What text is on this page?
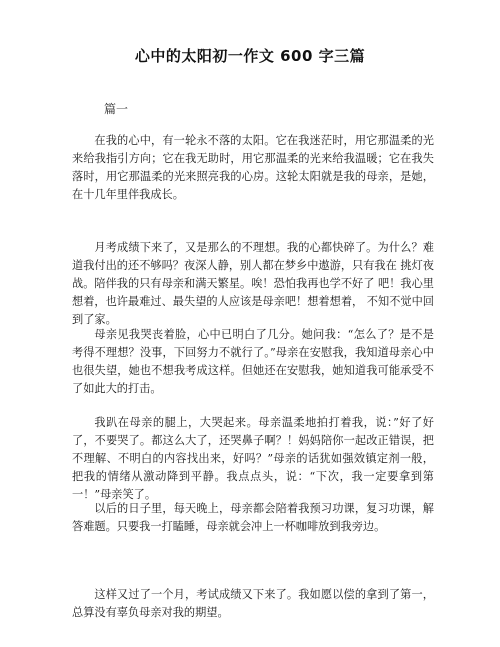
心中的太阳初一作文 600 字三篇
篇一

在我的心中，有一轮永不落的太阳。它在我迷茫时，用它那温柔的光来给我指引方向；它在我无助时，用它那温柔的光来给我温暖；它在我失落时，用它那温柔的光来照亮我的心房。这轮太阳就是我的母亲，是她，在十几年里伴我成长。

月考成绩下来了，又是那么的不理想。我的心都快碎了。为什么？难道我付出的还不够吗？夜深人静，别人都在梦乡中遨游，只有我在 挑灯夜战。陪伴我的只有母亲和满天繁星。唉！恐怕我再也学不好了 吧！我心里想着，也许最难过、最失望的人应该是母亲吧！想着想着， 不知不觉中回到了家。

母亲见我哭丧着脸，心中已明白了几分。她问我：“怎么了？是不是考得不理想？没事，下回努力不就行了。”母亲在安慰我，我知道母亲心中也很失望，她也不想我考成这样。但她还在安慰我，她知道我可能承受不了如此大的打击。

我趴在母亲的腿上，大哭起来。母亲温柔地拍打着我，说：”好了好了，不要哭了。都这么大了，还哭鼻子啊？！妈妈陪你一起改正错误，把不理解、不明白的内容找出来，好吗？”母亲的话犹如强效镇定剂一般，把我的情绪从激动降到平静。我点点头，说：“下次，我一定要拿到第一！”母亲笑了。

以后的日子里，每天晚上，母亲都会陪着我预习功课，复习功课，解答难题。只要我一打瞌睡，母亲就会冲上一杯咖啡放到我旁边。

这样又过了一个月，考试成绩又下来了。我如愿以偿的拿到了第一，总算没有辜负母亲对我的期望。
